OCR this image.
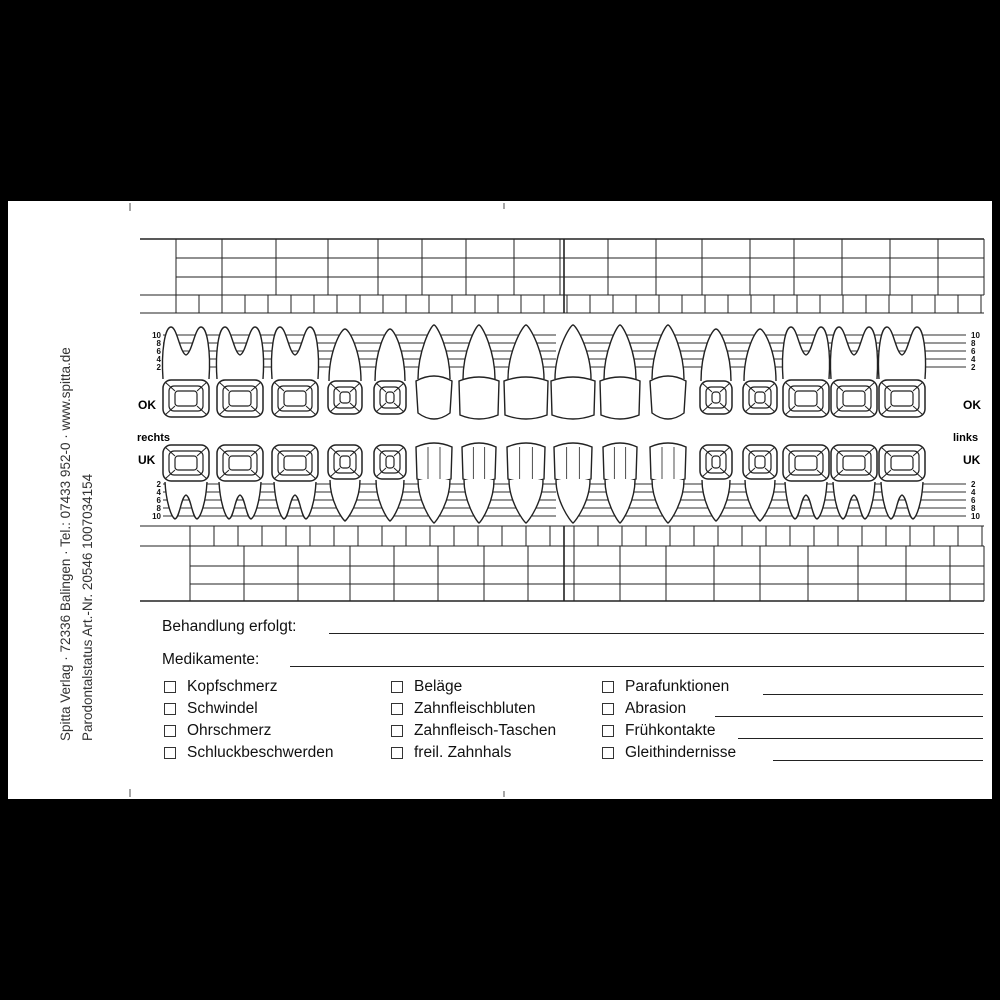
Spitta Verlag · 72336 Balingen · Tel.: 07433 952-0 · www.spitta.de Parodontalstatus Art.-Nr. 20546 1007034154
10
8
6
4
2
10
8
6
4
2
2
4
6
8
10
2
4
6
8
10
OK
rechts
UK
OK
links
UK
Behandlung erfolgt:
Medikamente:
Kopfschmerz
Schwindel
Ohrschmerz
Schluckbeschwerden
Beläge
Zahnfleischbluten
Zahnfleisch-Taschen
freil. Zahnhals
Parafunktionen
Abrasion
Frühkontakte
Gleithindernisse
